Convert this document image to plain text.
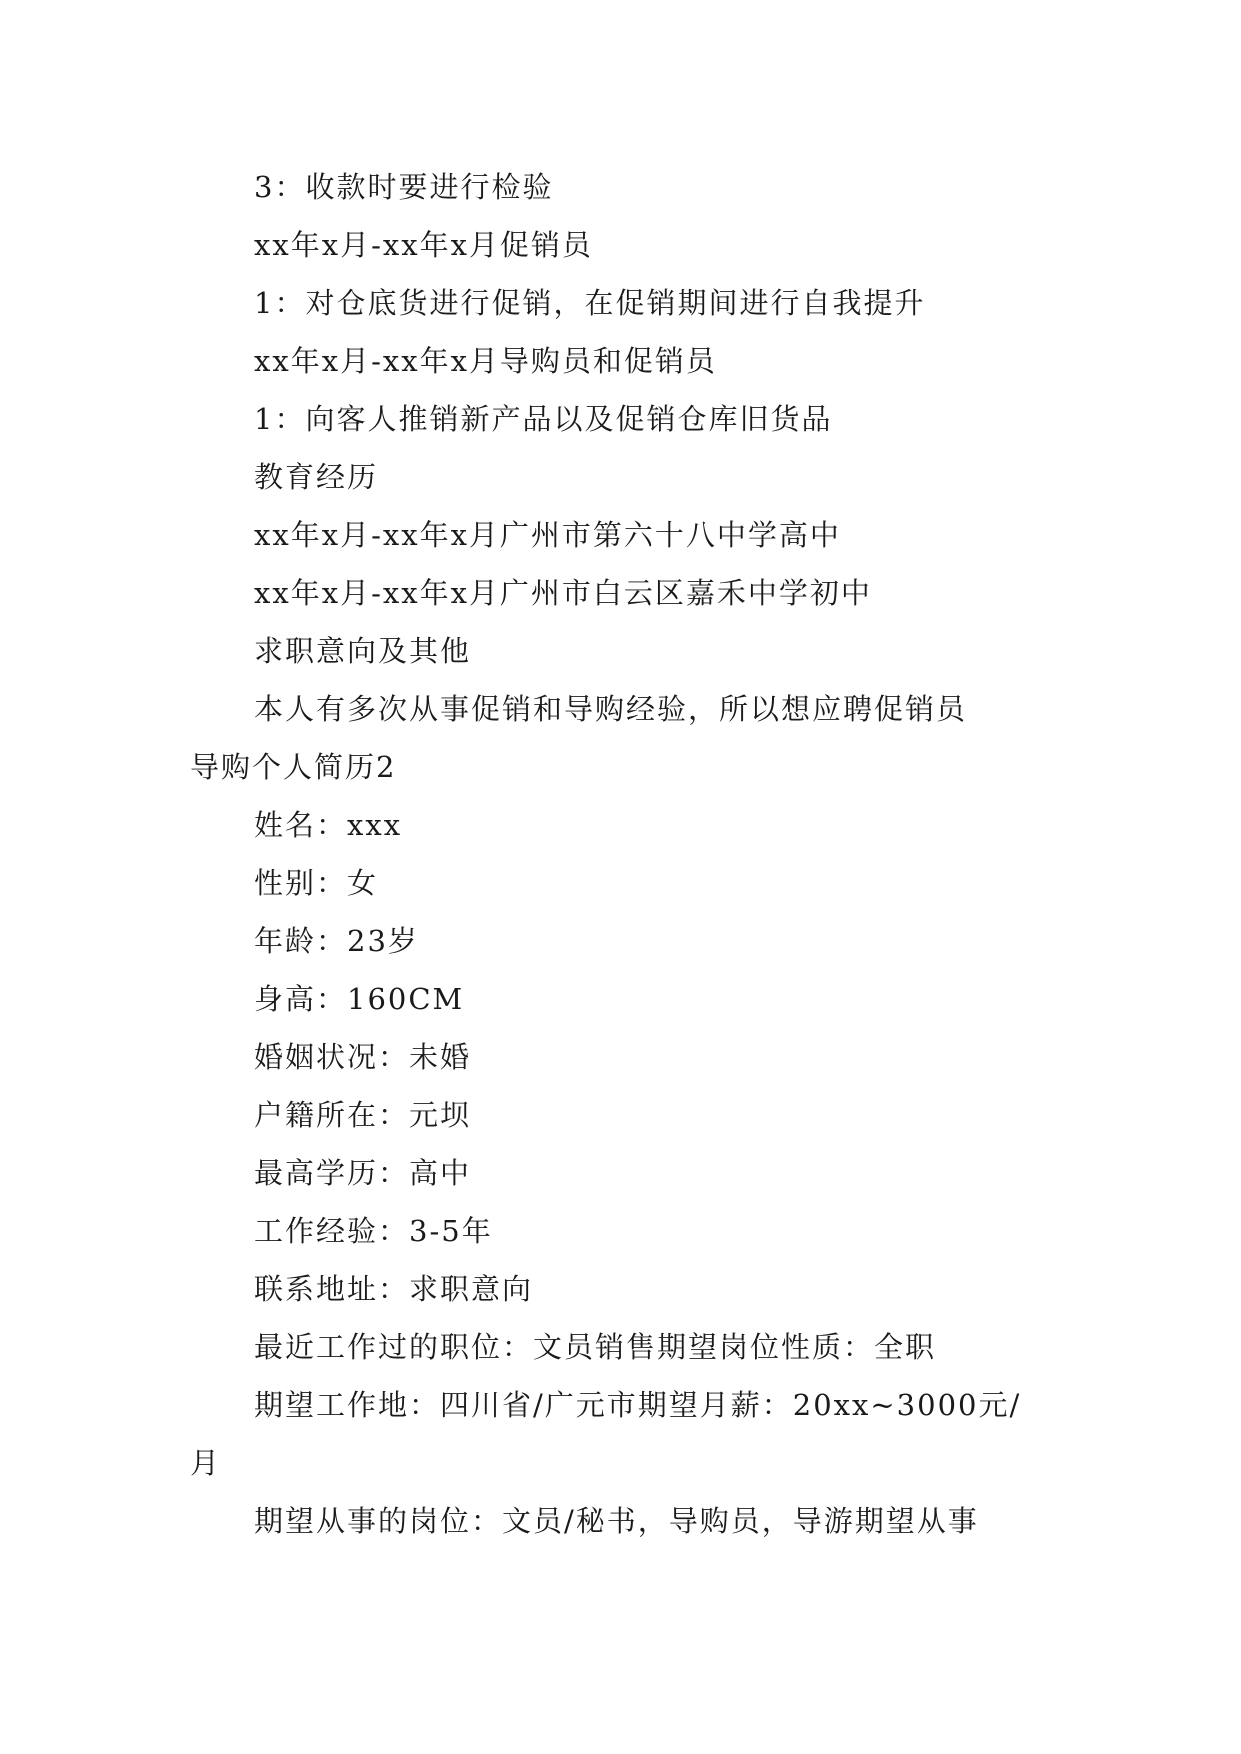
3：收款时要进行检验
xx年x月-xx年x月促销员
1：对仓底货进行促销，在促销期间进行自我提升
xx年x月-xx年x月导购员和促销员
1：向客人推销新产品以及促销仓库旧货品
教育经历
xx年x月-xx年x月广州市第六十八中学高中
xx年x月-xx年x月广州市白云区嘉禾中学初中
求职意向及其他
本人有多次从事促销和导购经验，所以想应聘促销员
导购个人简历2
姓名：xxx
性别：女
年龄：23岁
身高：160CM
婚姻状况：未婚
户籍所在：元坝
最高学历：高中
工作经验：3-5年
联系地址：求职意向
最近工作过的职位：文员销售期望岗位性质：全职
期望工作地：四川省/广元市期望月薪：20xx~3000元/
月
期望从事的岗位：文员/秘书，导购员，导游期望从事
